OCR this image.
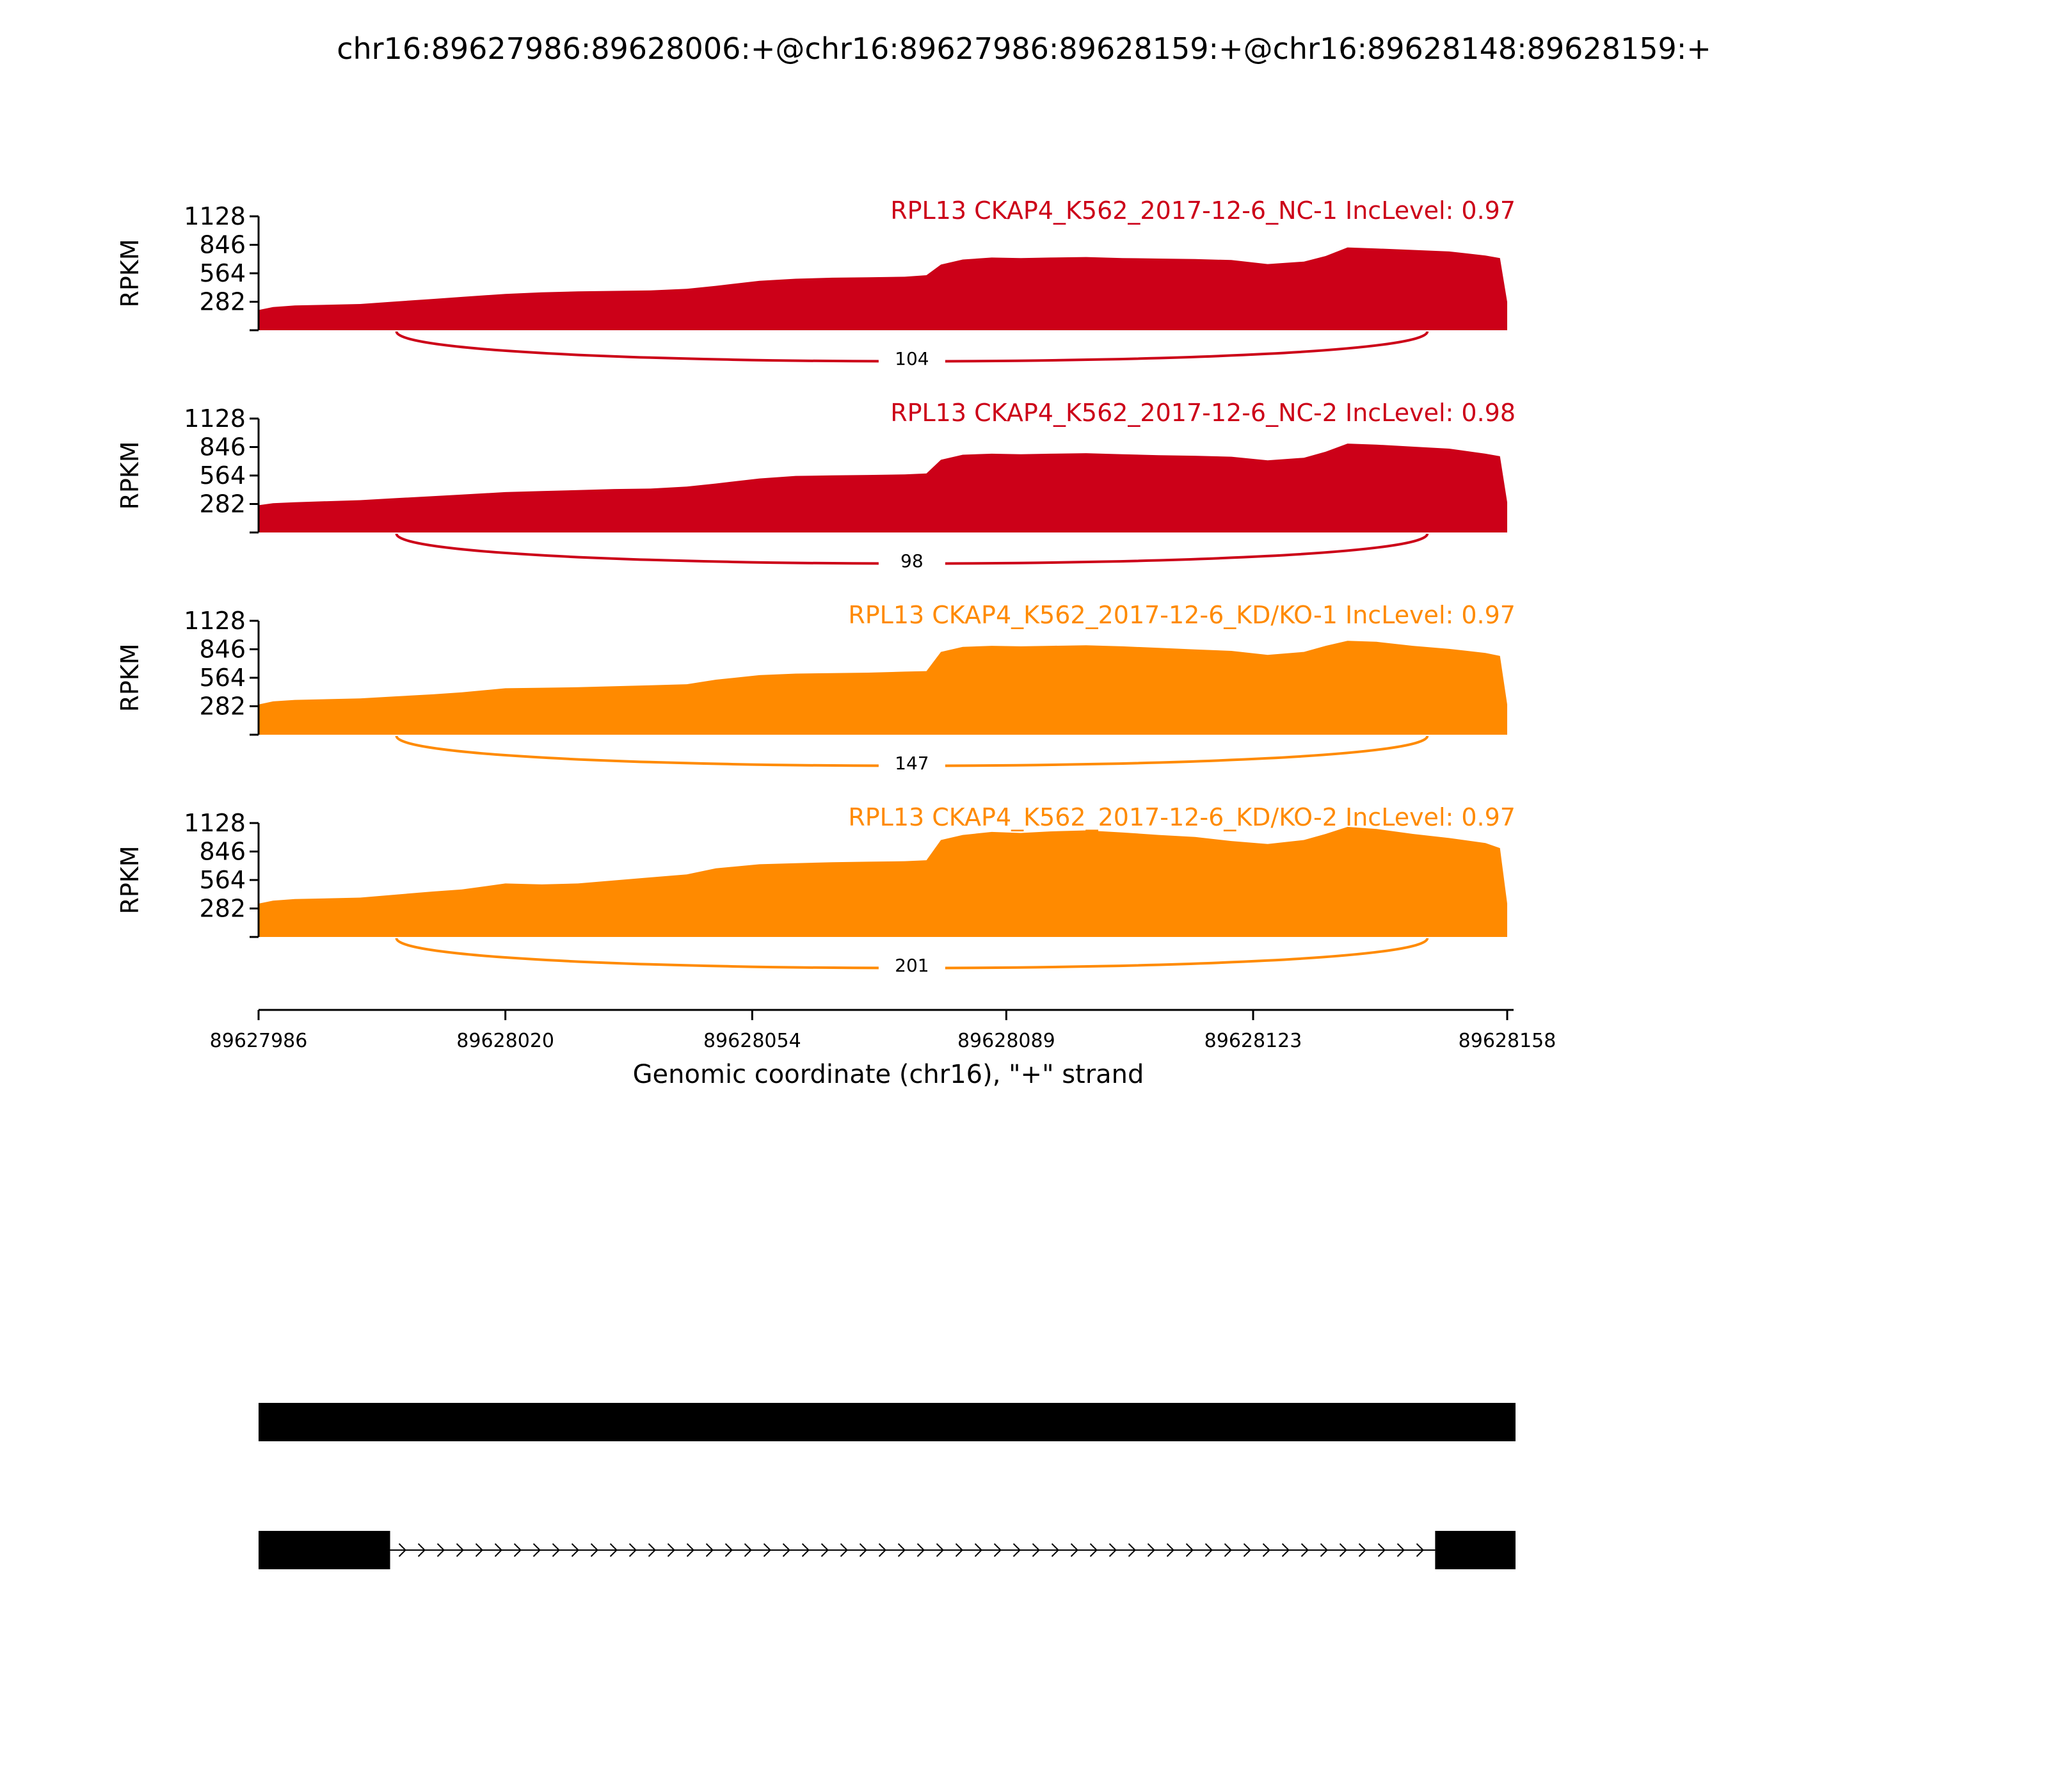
chr16:89627986:89628006:+@chr16:89627986:89628159:+@chr16:89628148:89628159:+
282
564
846
1128
RPKM
RPL13 CKAP4_K562_2017-12-6_NC-1 IncLevel: 0.97
104
282
564
846
1128
RPKM
RPL13 CKAP4_K562_2017-12-6_NC-2 IncLevel: 0.98
98
282
564
846
1128
RPKM
RPL13 CKAP4_K562_2017-12-6_KD/KO-1 IncLevel: 0.97
147
282
564
846
1128
RPKM
RPL13 CKAP4_K562_2017-12-6_KD/KO-2 IncLevel: 0.97
201
89627986	89628020	89628054	89628089	89628123	89628158
Genomic coordinate (chr16), "+" strand
